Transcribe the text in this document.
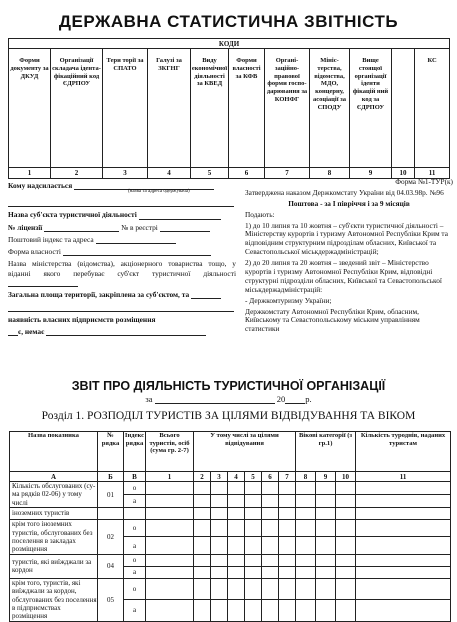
ДЕРЖАВНА СТАТИСТИЧНА ЗВІТНІСТЬ
КОДИ										
Форми документу за ДКУД	Організації складача ідентафікаційний код ЄДРПОУ	Тери торії за СПАТО	Галузі за ЗКГНГ	Виду економічної діяльності за КВЕД	Форми власності за КФВ	Організаційноправової форми господарювання за КОНФГ	Міністерства, відомства, МДО, концерну, асоціації за СПОДУ	Вище стоящої організації іденти фікацій ний код за ЄДРПОУ		КС
1	2	3	4	5	6	7	8	9	10	11
Кому надсилається
(назва та адреса одержувача)
Назва суб'єкта туристичної діяльності
№ ліцензії	№ в реєстрі
Поштовий індекс та адреса
Форма власності
Назва міністерства (відомства), акціонерного товариства тощо, у віданні якого перебуває суб'єкт туристичної діяльності
Загальна площа території, закріплена за суб'єктом, та
наявність власних підприємств розміщення
є, немає

Форма №1-ТУР(к)

Затверджена наказом Держкомстату України від 04.03.98р. №96

Поштова - за І півріччя і за 9 місяців

Подають:

1) до 10 липня та 10 жовтня – суб'єкти туристичної діяльності – Міністерству курортів і туризму Автономної Республіки Крим та відповідним структурним підрозділам обласних, Київської та Севастопольської міськдержадміністрацій;

2) до 20 липня та 20 жовтня – зведений звіт – Міністерство курортів і туризму Автономної Республіки Крим, відповідні структурні підрозділи обласних, Київської та Севастопольської міськдержадміністрацій:

- Держкомтуризму України;

Держкомстату Автономної Республіки Крим, обласним, Київському та Севастопольському міським управлінням статистики

ЗВІТ ПРО ДІЯЛЬНІСТЬ ТУРИСТИЧНОЇ ОРГАНІЗАЦІЇ
за	20 р.
Розділ 1. РОЗПОДІЛ ТУРИСТІВ ЗА ЦІЛЯМИ ВІДВІДУВАННЯ ТА ВІКОМ
Назва показника	№ рядка	Індекс рядка	Всього туристів, осіб (сума гр. 2-7)	У тому числі за цілями відвідування						Вікові категорії (з гр.1)			Кількість туроднів, наданих туристам
А	Б	В	1	2	3	4	5	6	7	8	9	10	11
Кількість обслугованих (сума рядків 02-06) у тому числі	01	о											
		а											
іноземних туристів													
крім того іноземних туристів, обслугованих без поселення в закладах розміщення	02	о											
		а											
туристів, які виїжджали за кордон	04	о											
		а											
крім того, туристів, які виїжджали за кордон, обслугованих без поселення в підприємствах розміщення	05	о											
		а											
